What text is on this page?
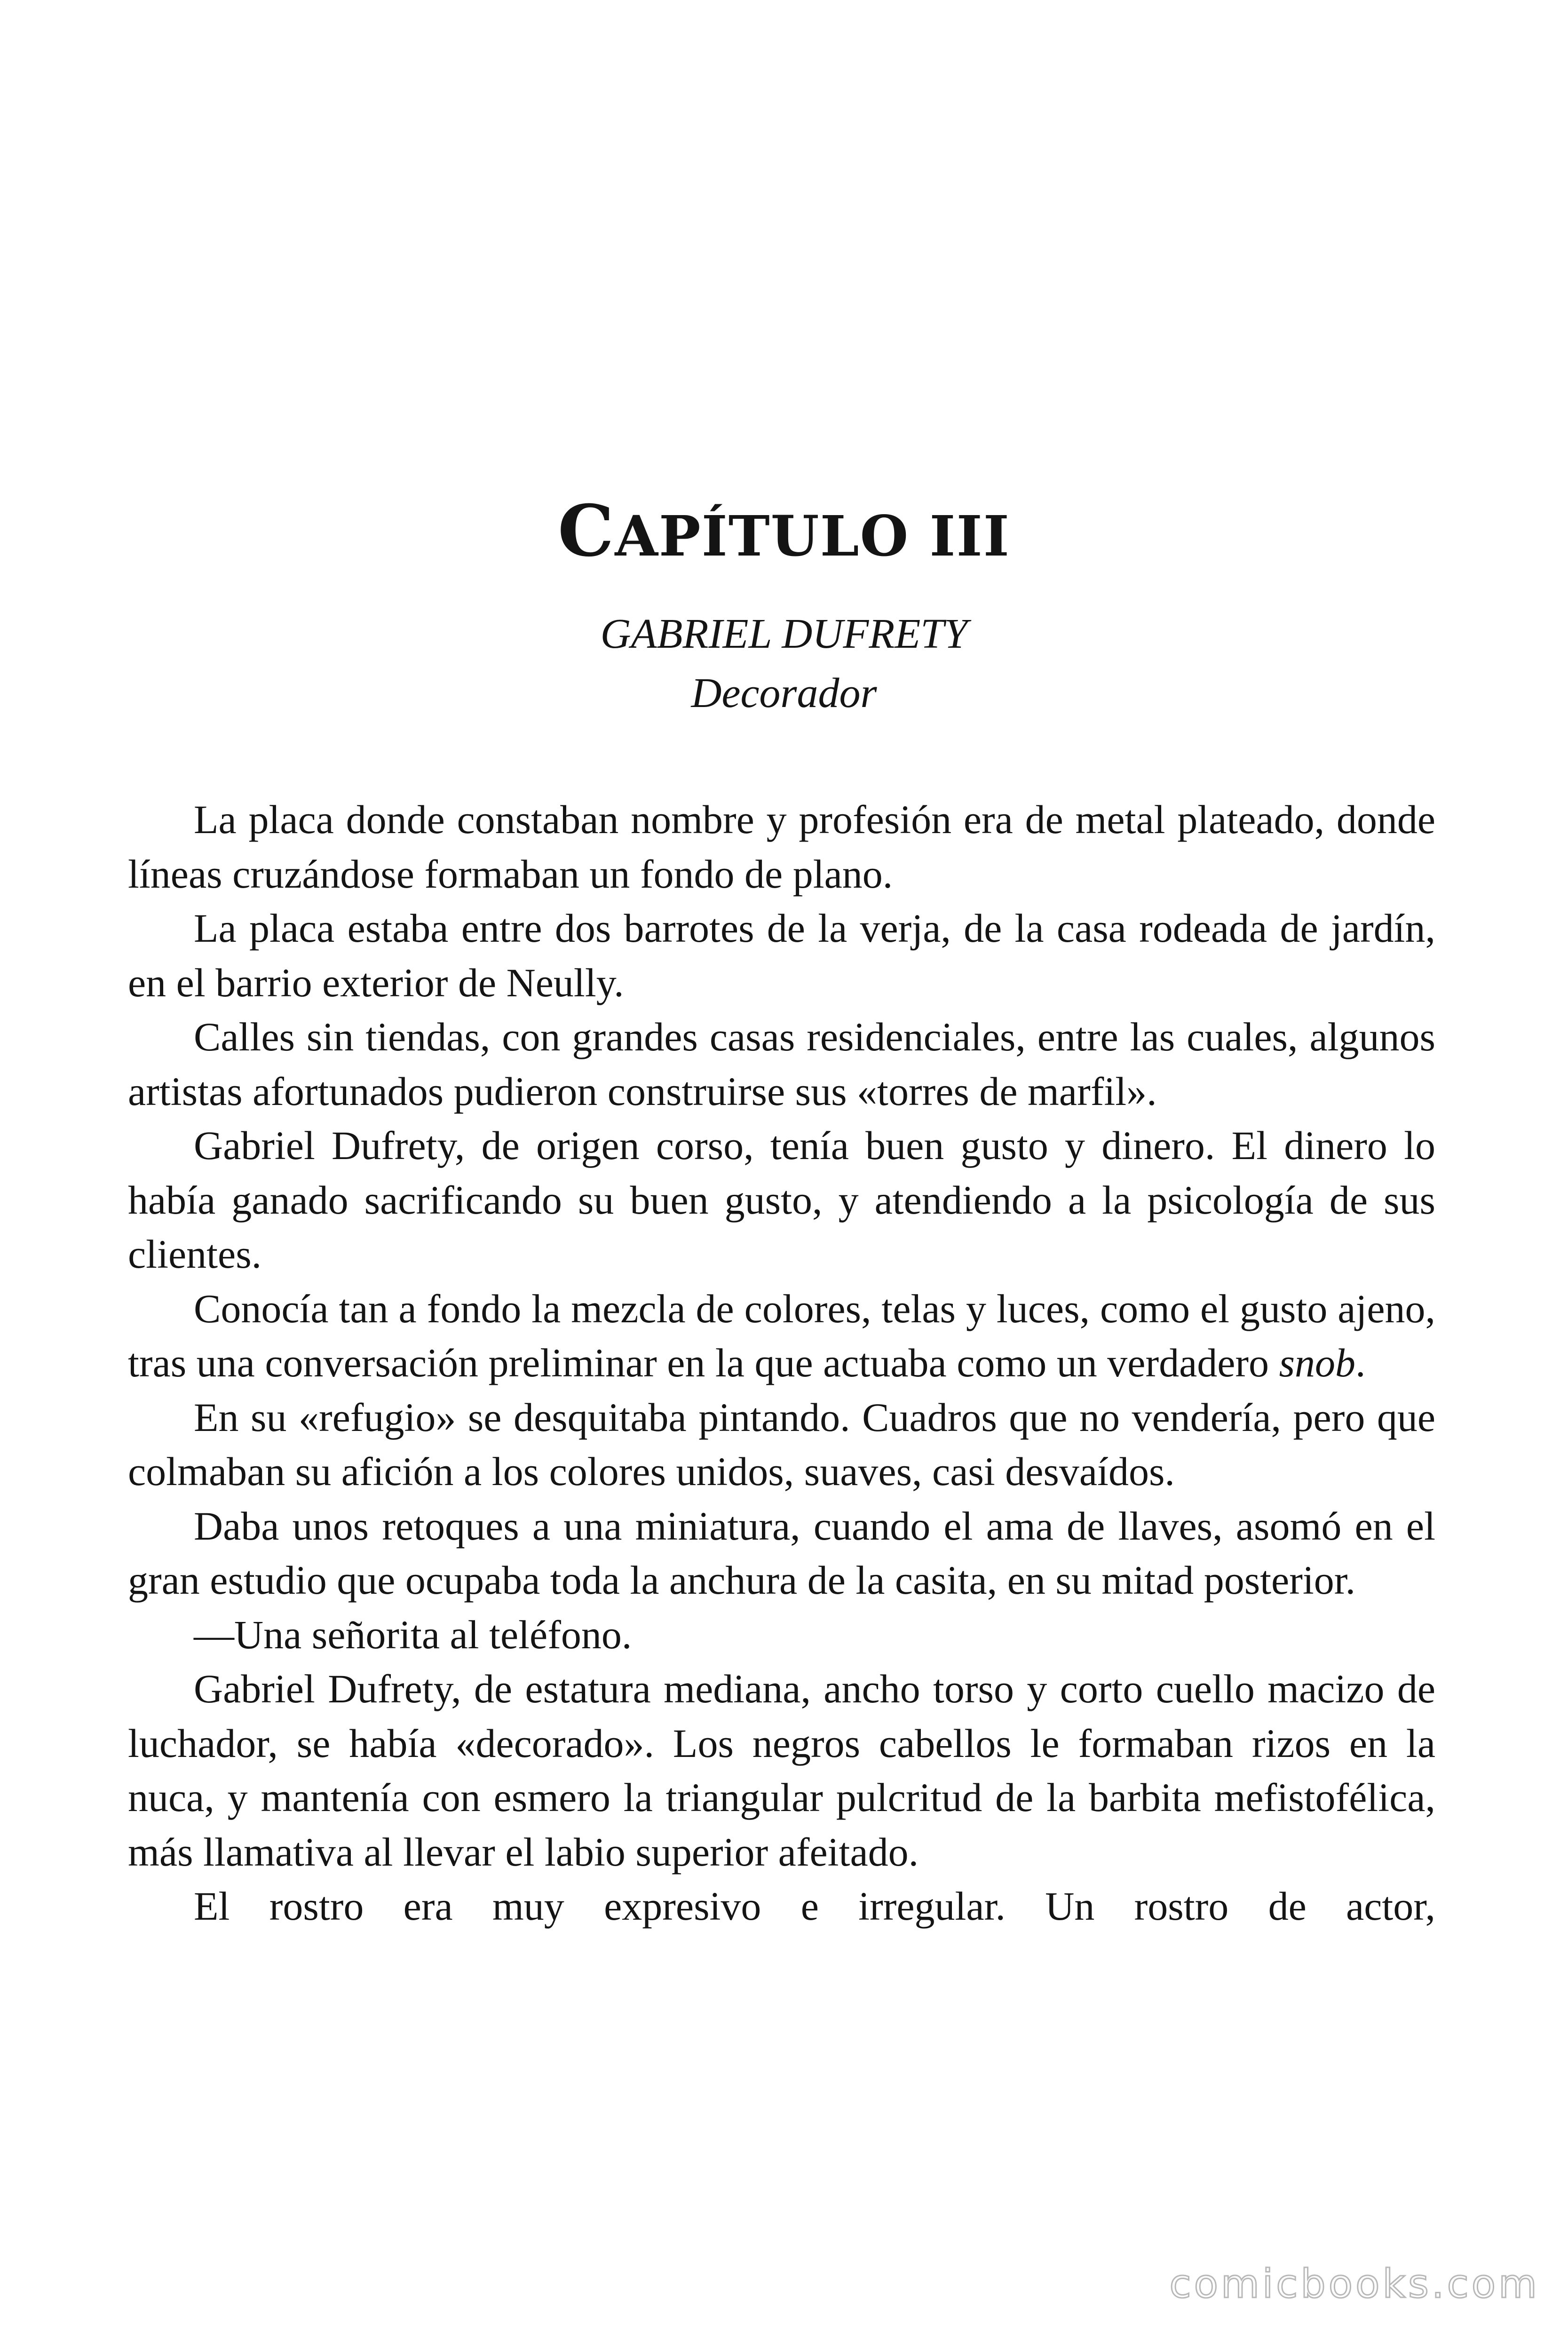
CAPÍTULO III
GABRIEL DUFRETY
Decorador

La placa donde constaban nombre y profesión era de metal plateado, donde líneas cruzándose formaban un fondo de plano.

La placa estaba entre dos barrotes de la verja, de la casa rodeada de jardín, en el barrio exterior de Neully.

Calles sin tiendas, con grandes casas residenciales, entre las cuales, algunos artistas afortunados pudieron construirse sus «torres de marfil».

Gabriel Dufrety, de origen corso, tenía buen gusto y dinero. El dinero lo había ganado sacrificando su buen gusto, y atendiendo a la psicología de sus clientes.

Conocía tan a fondo la mezcla de colores, telas y luces, como el gusto ajeno, tras una conversación preliminar en la que actuaba como un verdadero snob.

En su «refugio» se desquitaba pintando. Cuadros que no vendería, pero que colmaban su afición a los colores unidos, suaves, casi desvaídos.

Daba unos retoques a una miniatura, cuando el ama de llaves, asomó en el gran estudio que ocupaba toda la anchura de la casita, en su mitad posterior.

—Una señorita al teléfono.

Gabriel Dufrety, de estatura mediana, ancho torso y corto cuello macizo de luchador, se había «decorado». Los negros cabellos le formaban rizos en la nuca, y mantenía con esmero la triangular pulcritud de la barbita mefistofélica, más llamativa al llevar el labio superior afeitado.

El rostro era muy expresivo e irregular. Un rostro de actor,

comicbooks.com
